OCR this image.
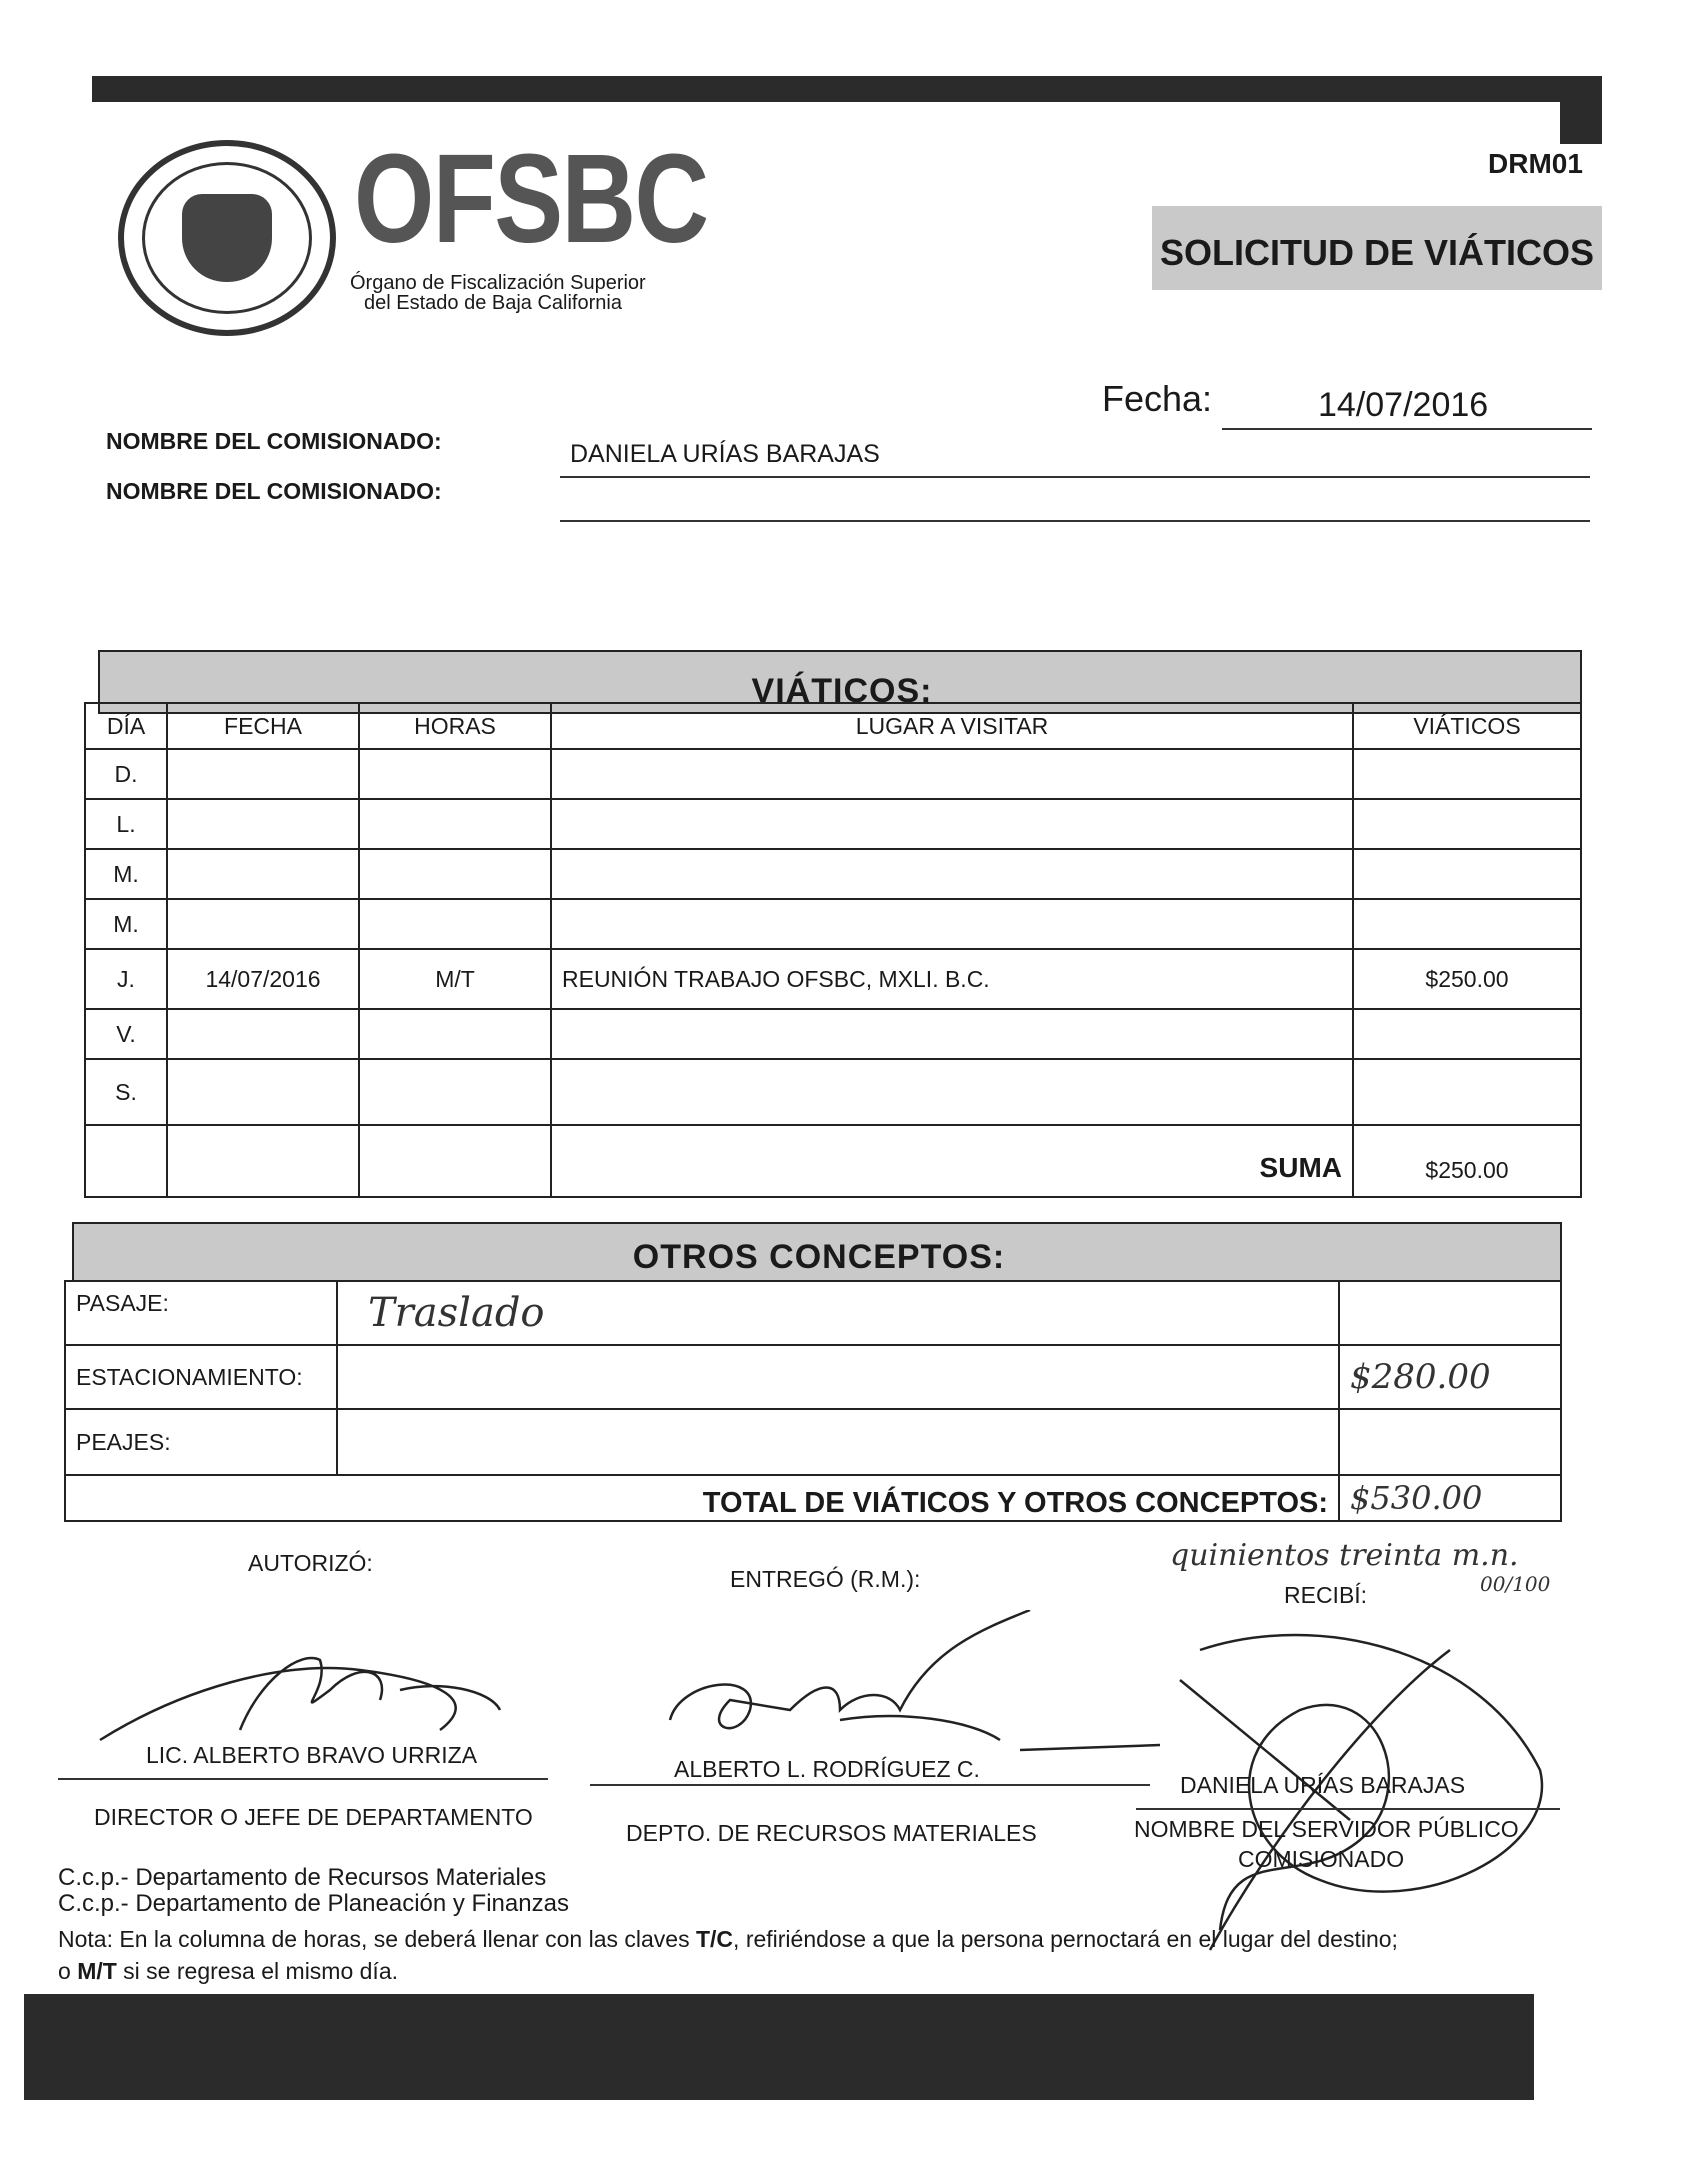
DRM01
OFSBC
Órgano de Fiscalización Superior
del Estado de Baja California
SOLICITUD DE VIÁTICOS
Fecha:	14/07/2016
NOMBRE DEL COMISIONADO:	DANIELA URÍAS BARAJAS
NOMBRE DEL COMISIONADO:
VIÁTICOS:
DÍA	FECHA	HORAS	LUGAR A VISITAR	VIÁTICOS
D.				
L.				
M.				
M.				
J.	14/07/2016	M/T	REUNIÓN TRABAJO OFSBC, MXLI. B.C.	$250.00
V.				
S.				
			SUMA	$250.00
OTROS CONCEPTOS:
PASAJE:	Traslado	
ESTACIONAMIENTO:		$280.00
PEAJES:		
	TOTAL DE VIÁTICOS Y OTROS CONCEPTOS:	$530.00
quinientos treinta m.n.
00/100
AUTORIZÓ:
ENTREGÓ (R.M.):
RECIBÍ:
LIC. ALBERTO BRAVO URRIZA
DIRECTOR O JEFE DE DEPARTAMENTO
ALBERTO L. RODRÍGUEZ C.
DEPTO. DE RECURSOS MATERIALES
DANIELA URÍAS BARAJAS
NOMBRE DEL SERVIDOR PÚBLICO
COMISIONADO
C.c.p.- Departamento de Recursos Materiales
C.c.p.- Departamento de Planeación y Finanzas
Nota: En la columna de horas, se deberá llenar con las claves T/C, refiriéndose a que la persona pernoctará en el lugar del destino;
o M/T si se regresa el mismo día.
